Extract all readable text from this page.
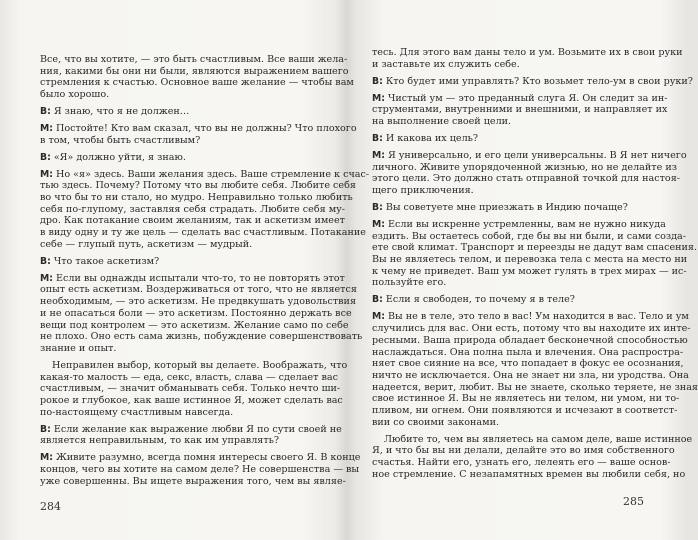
Все, что вы хотите, — это быть счастливым. Все ваши жела-
ния, какими бы они ни были, являются выражением вашего
стремления к счастью. Основное ваше желание — чтобы вам
было хорошо.
В: Я знаю, что я не должен…
М: Постойте! Кто вам сказал, что вы не должны? Что плохого
в том, чтобы быть счастливым?
В: «Я» должно уйти, я знаю.
М: Но «я» здесь. Ваши желания здесь. Ваше стремление к счас-
тью здесь. Почему? Потому что вы любите себя. Любите себя
во что бы то ни стало, но мудро. Неправильно только любить
себя по-глупому, заставляя себя страдать. Любите себя му-
дро. Как потакание своим желаниям, так и аскетизм имеет
в виду одну и ту же цель — сделать вас счастливым. Потакание
себе — глупый путь, аскетизм — мудрый.
В: Что такое аскетизм?
М: Если вы однажды испытали что-то, то не повторять этот
опыт есть аскетизм. Воздерживаться от того, что не является
необходимым, — это аскетизм. Не предвкушать удовольствия
и не опасаться боли — это аскетизм. Постоянно держать все
вещи под контролем — это аскетизм. Желание само по себе
не плохо. Оно есть сама жизнь, побуждение совершенствовать
знание и опыт.
Неправилен выбор, который вы делаете. Воображать, что
какая-то малость — еда, секс, власть, слава — сделает вас
счастливым, — значит обманывать себя. Только нечто ши-
рокое и глубокое, как ваше истинное Я, может сделать вас
по-настоящему счастливым навсегда.
В: Если желание как выражение любви Я по сути своей не
является неправильным, то как им управлять?
М: Живите разумно, всегда помня интересы своего Я. В конце
концов, чего вы хотите на самом деле? Не совершенства — вы
уже совершенны. Вы ищете выражения того, чем вы являе-
тесь. Для этого вам даны тело и ум. Возьмите их в свои руки
и заставьте их служить себе.
В: Кто будет ими управлять? Кто возьмет тело-ум в свои руки?
М: Чистый ум — это преданный слуга Я. Он следит за ин-
струментами, внутренними и внешними, и направляет их
на выполнение своей цели.
В: И какова их цель?
М: Я универсально, и его цели универсальны. В Я нет ничего
личного. Живите упорядоченной жизнью, но не делайте из
этого цели. Это должно стать отправной точкой для настоя-
щего приключения.
В: Вы советуете мне приезжать в Индию почаще?
М: Если вы искренне устремленны, вам не нужно никуда
ездить. Вы остаетесь собой, где бы вы ни были, и сами созда-
ете свой климат. Транспорт и переезды не дадут вам спасения.
Вы не являетесь телом, и перевозка тела с места на место ни
к чему не приведет. Ваш ум может гулять в трех мирах — ис-
пользуйте его.
В: Если я свободен, то почему я в теле?
М: Вы не в теле, это тело в вас! Ум находится в вас. Тело и ум
случились для вас. Они есть, потому что вы находите их инте-
ресными. Ваша природа обладает бесконечной способностью
наслаждаться. Она полна пыла и влечения. Она распростра-
няет свое сияние на все, что попадает в фокус ее осознания,
ничто не исключается. Она не знает ни зла, ни уродства. Она
надеется, верит, любит. Вы не знаете, сколько теряете, не зная
свое истинное Я. Вы не являетесь ни телом, ни умом, ни то-
пливом, ни огнем. Они появляются и исчезают в соответст-
вии со своими законами.
Любите то, чем вы являетесь на самом деле, ваше истинное
Я, и что бы вы ни делали, делайте это во имя собственного
счастья. Найти его, узнать его, лелеять его — ваше основ-
ное стремление. С незапамятных времен вы любили себя, но
284	285
